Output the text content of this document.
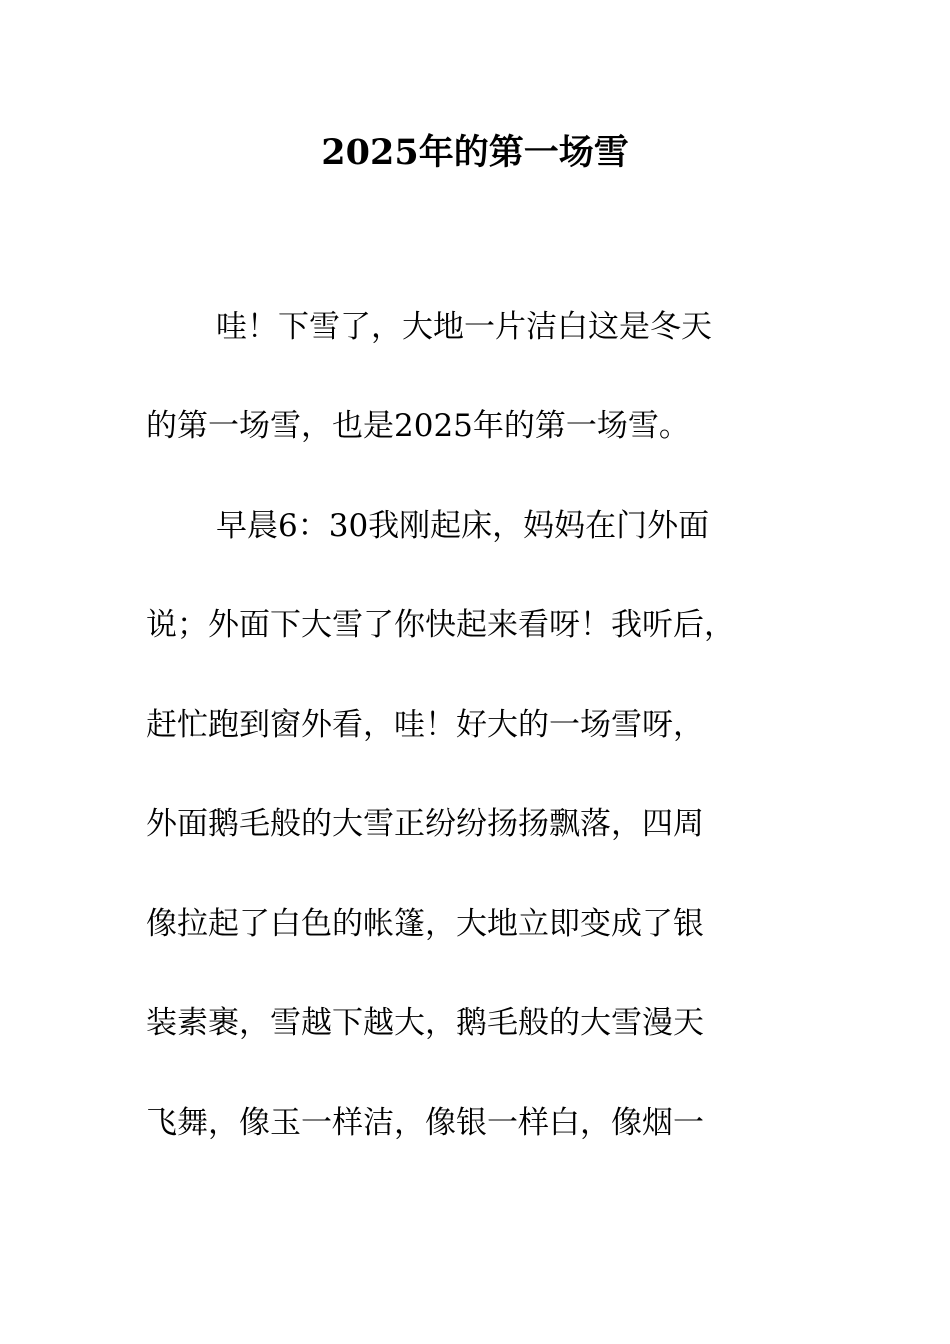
2025年的第一场雪

哇！下雪了，大地一片洁白这是冬天

的第一场雪，也是2025年的第一场雪。

早晨6：30我刚起床，妈妈在门外面

说；外面下大雪了你快起来看呀！我听后，

赶忙跑到窗外看，哇！好大的一场雪呀，

外面鹅毛般的大雪正纷纷扬扬飘落，四周

像拉起了白色的帐篷，大地立即变成了银

装素裹，雪越下越大，鹅毛般的大雪漫天

飞舞，像玉一样洁，像银一样白，像烟一
